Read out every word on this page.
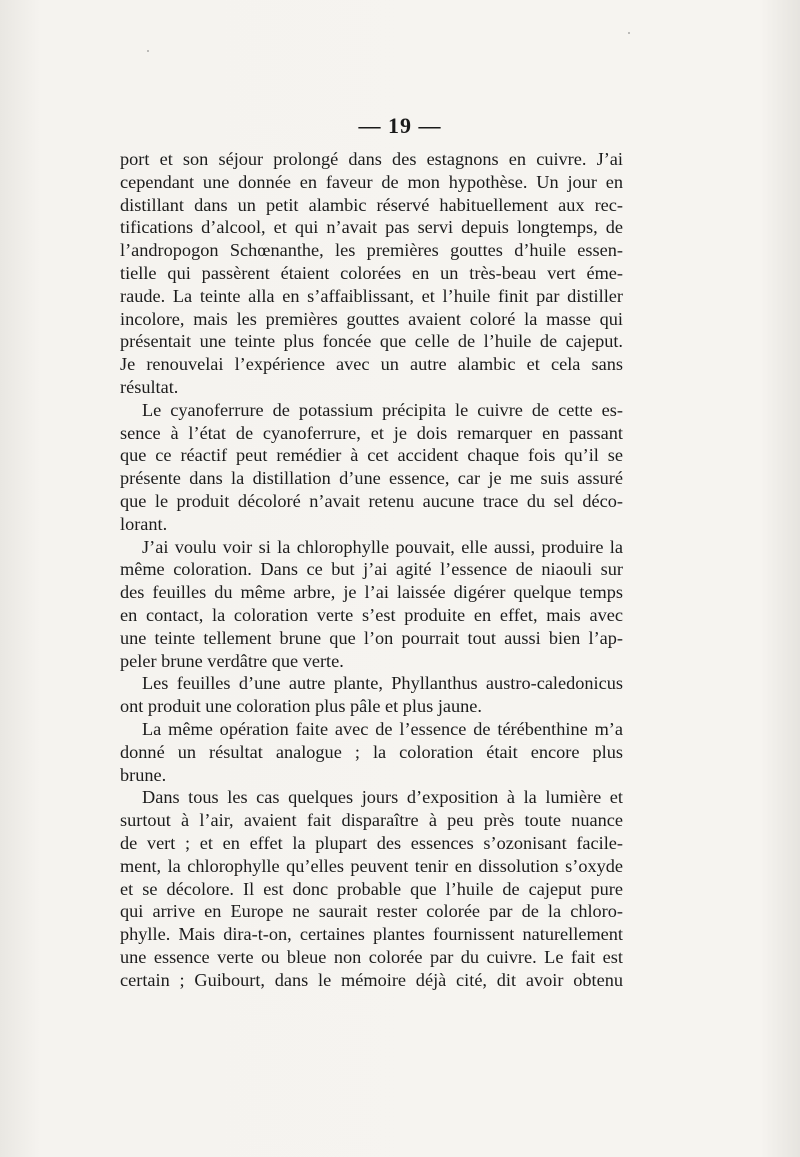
— 19 —
port et son séjour prolongé dans des estagnons en cuivre. J’ai
cependant une donnée en faveur de mon hypothèse. Un jour en
distillant dans un petit alambic réservé habituellement aux rec-
tifications d’alcool, et qui n’avait pas servi depuis longtemps, de
l’andropogon Schœnanthe, les premières gouttes d’huile essen-
tielle qui passèrent étaient colorées en un très-beau vert éme-
raude. La teinte alla en s’affaiblissant, et l’huile finit par distiller
incolore, mais les premières gouttes avaient coloré la masse qui
présentait une teinte plus foncée que celle de l’huile de cajeput.
Je renouvelai l’expérience avec un autre alambic et cela sans
résultat.
Le cyanoferrure de potassium précipita le cuivre de cette es-
sence à l’état de cyanoferrure, et je dois remarquer en passant
que ce réactif peut remédier à cet accident chaque fois qu’il se
présente dans la distillation d’une essence, car je me suis assuré
que le produit décoloré n’avait retenu aucune trace du sel déco-
lorant.
J’ai voulu voir si la chlorophylle pouvait, elle aussi, produire la
même coloration. Dans ce but j’ai agité l’essence de niaouli sur
des feuilles du même arbre, je l’ai laissée digérer quelque temps
en contact, la coloration verte s’est produite en effet, mais avec
une teinte tellement brune que l’on pourrait tout aussi bien l’ap-
peler brune verdâtre que verte.
Les feuilles d’une autre plante, Phyllanthus austro-caledonicus
ont produit une coloration plus pâle et plus jaune.
La même opération faite avec de l’essence de térébenthine m’a
donné un résultat analogue ; la coloration était encore plus
brune.
Dans tous les cas quelques jours d’exposition à la lumière et
surtout à l’air, avaient fait disparaître à peu près toute nuance
de vert ; et en effet la plupart des essences s’ozonisant facile-
ment, la chlorophylle qu’elles peuvent tenir en dissolution s’oxyde
et se décolore. Il est donc probable que l’huile de cajeput pure
qui arrive en Europe ne saurait rester colorée par de la chloro-
phylle. Mais dira-t-on, certaines plantes fournissent naturellement
une essence verte ou bleue non colorée par du cuivre. Le fait est
certain ; Guibourt, dans le mémoire déjà cité, dit avoir obtenu
